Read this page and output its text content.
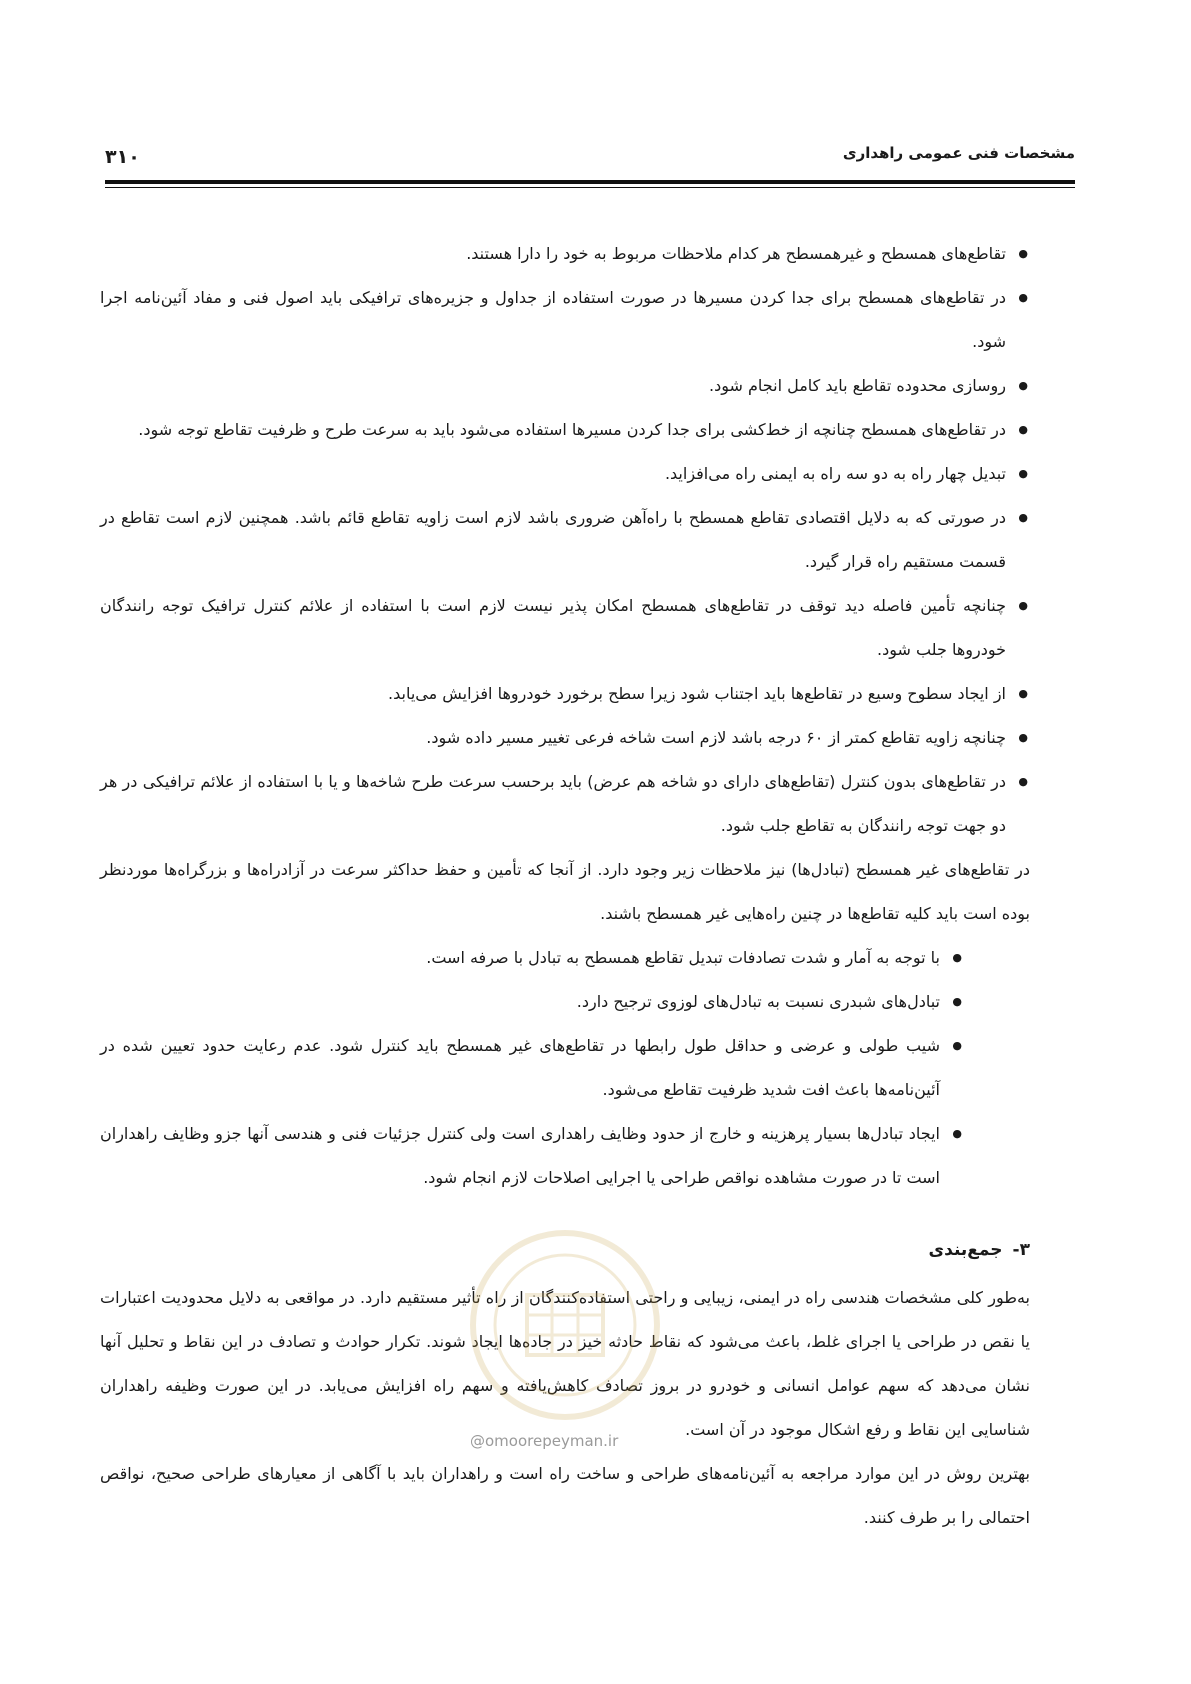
مشخصات فنی عمومی راهداری
۳۱۰
● تقاطع‌های همسطح و غیرهمسطح هر کدام ملاحظات مربوط به خود را دارا هستند.
● در تقاطع‌های همسطح برای جدا کردن مسیرها در صورت استفاده از جداول و جزیره‌های ترافیکی باید اصول فنی و مفاد آئین‌نامه اجرا شود.
● روسازی محدوده تقاطع باید کامل انجام شود.
● در تقاطع‌های همسطح چنانچه از خط‌کشی برای جدا کردن مسیرها استفاده می‌شود باید به سرعت طرح و ظرفیت تقاطع توجه شود.
● تبدیل چهار راه به دو سه راه به ایمنی راه می‌افزاید.
● در صورتی که به دلایل اقتصادی تقاطع همسطح با راه‌آهن ضروری باشد لازم است زاویه تقاطع قائم باشد. همچنین لازم است تقاطع در قسمت مستقیم راه قرار گیرد.
● چنانچه تأمین فاصله دید توقف در تقاطع‌های همسطح امکان پذیر نیست لازم است با استفاده از علائم کنترل ترافیک توجه رانندگان خودروها جلب شود.
● از ایجاد سطوح وسیع در تقاطع‌ها باید اجتناب شود زیرا سطح برخورد خودروها افزایش می‌یابد.
● چنانچه زاویه تقاطع کمتر از ۶۰ درجه باشد لازم است شاخه فرعی تغییر مسیر داده شود.
● در تقاطع‌های بدون کنترل (تقاطع‌های دارای دو شاخه هم عرض) باید برحسب سرعت طرح شاخه‌ها و یا با استفاده از علائم ترافیکی در هر دو جهت توجه رانندگان به تقاطع جلب شود.

در تقاطع‌های غیر همسطح (تبادل‌ها) نیز ملاحظات زیر وجود دارد. از آنجا که تأمین و حفظ حداکثر سرعت در آزادراه‌ها و بزرگراه‌ها مورد‌نظر بوده است باید کلیه تقاطع‌ها در چنین راه‌هایی غیر همسطح باشند.

● با توجه به آمار و شدت تصادفات تبدیل تقاطع همسطح به تبادل با صرفه است.
● تبادل‌های شبدری نسبت به تبادل‌های لوزوی ترجیح دارد.
● شیب طولی و عرضی و حداقل طول رابطها در تقاطع‌های غیر همسطح باید کنترل شود. عدم رعایت حدود تعیین شده در آئین‌نامه‌ها باعث افت شدید ظرفیت تقاطع می‌شود.
● ایجاد تبادل‌ها بسیار پرهزینه و خارج از حدود وظایف راهداری است ولی کنترل جزئیات فنی و هندسی آنها جزو وظایف راهداران است تا در صورت مشاهده نواقص طراحی یا اجرایی اصلاحات لازم انجام شود.
۳-جمع‌بندی

به‌طور کلی مشخصات هندسی راه در ایمنی، زیبایی و راحتی استفاده‌کنندگان از راه تأثیر مستقیم دارد. در مواقعی به دلایل محدودیت اعتبارات یا نقص در طراحی یا اجرای غلط، باعث می‌شود که نقاط حادثه خیز در جاده‌ها ایجاد شوند. تکرار حوادث و تصادف در این نقاط و تحلیل آنها نشان می‌دهد که سهم عوامل انسانی و خودرو در بروز تصادف کاهش‌یافته و سهم راه افزایش می‌یابد. در این صورت وظیفه راهداران شناسایی این نقاط و رفع اشکال موجود در آن است.

بهترین روش در این موارد مراجعه به آئین‌نامه‌های طراحی و ساخت راه است و راهداران باید با آگاهی از معیارهای طراحی صحیح، نواقص احتمالی را بر طرف کنند.

@omoorepeyman.ir
